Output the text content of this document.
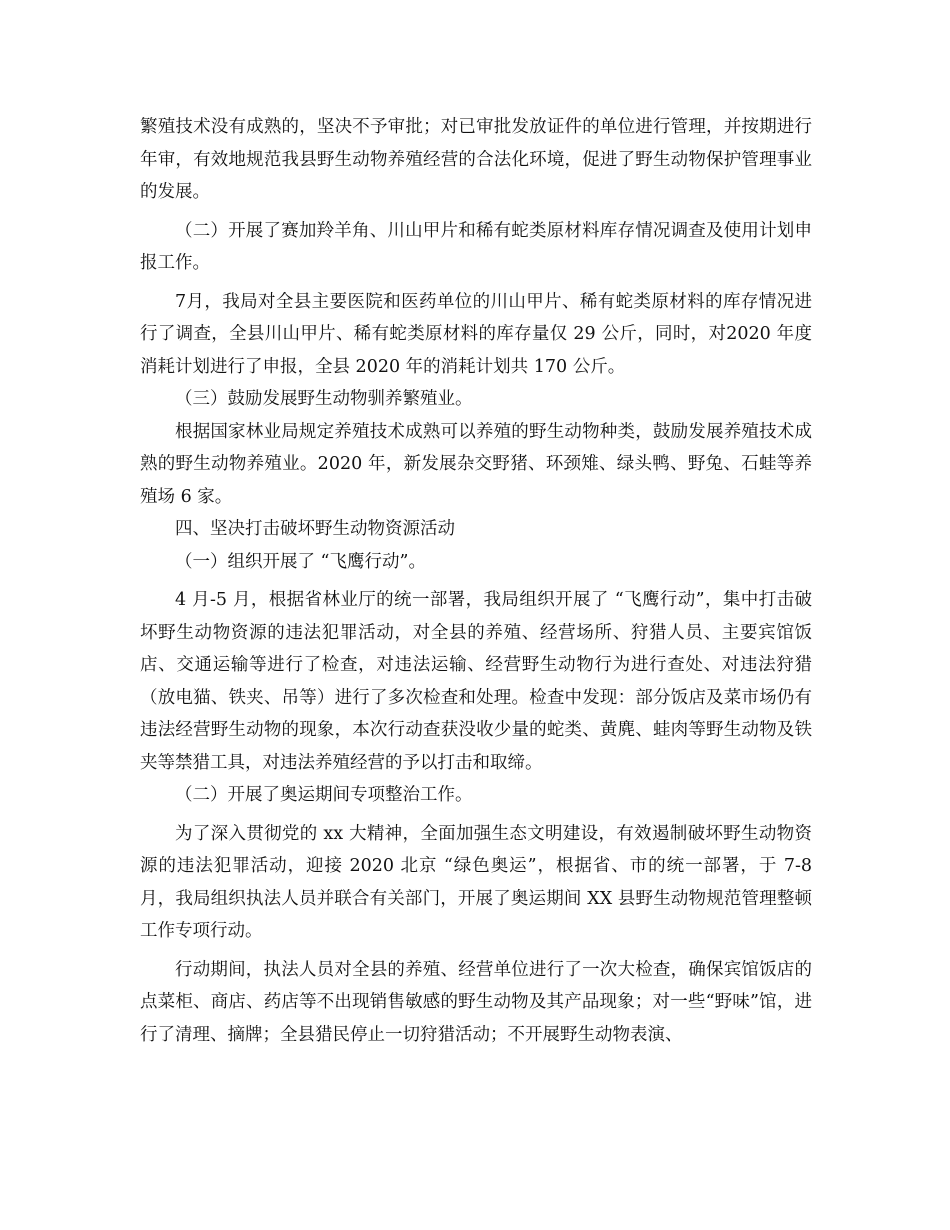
繁殖技术没有成熟的，坚决不予审批；对已审批发放证件的单位进行管理，并按期进行年审，有效地规范我县野生动物养殖经营的合法化环境，促进了野生动物保护管理事业的发展。

（二）开展了赛加羚羊角、川山甲片和稀有蛇类原材料库存情况调查及使用计划申报工作。

7月，我局对全县主要医院和医药单位的川山甲片、稀有蛇类原材料的库存情况进行了调查，全县川山甲片、稀有蛇类原材料的库存量仅 29 公斤，同时，对2020 年度消耗计划进行了申报，全县 2020 年的消耗计划共 170 公斤。

（三）鼓励发展野生动物驯养繁殖业。

根据国家林业局规定养殖技术成熟可以养殖的野生动物种类，鼓励发展养殖技术成熟的野生动物养殖业。2020 年，新发展杂交野猪、环颈雉、绿头鸭、野兔、石蛙等养殖场 6 家。

四、坚决打击破坏野生动物资源活动

（一）组织开展了 “飞鹰行动”。

4 月-5 月，根据省林业厅的统一部署，我局组织开展了 “飞鹰行动”，集中打击破坏野生动物资源的违法犯罪活动，对全县的养殖、经营场所、狩猎人员、主要宾馆饭店、交通运输等进行了检查，对违法运输、经营野生动物行为进行查处、对违法狩猎（放电猫、铁夹、吊等）进行了多次检查和处理。检查中发现：部分饭店及菜市场仍有违法经营野生动物的现象，本次行动查获没收少量的蛇类、黄麂、蛙肉等野生动物及铁夹等禁猎工具，对违法养殖经营的予以打击和取缔。

（二）开展了奥运期间专项整治工作。

为了深入贯彻党的 xx 大精神，全面加强生态文明建设，有效遏制破坏野生动物资源的违法犯罪活动，迎接 2020 北京 “绿色奥运”，根据省、市的统一部署，于 7-8 月，我局组织执法人员并联合有关部门，开展了奥运期间 XX 县野生动物规范管理整顿工作专项行动。

行动期间，执法人员对全县的养殖、经营单位进行了一次大检查，确保宾馆饭店的点菜柜、商店、药店等不出现销售敏感的野生动物及其产品现象；对一些“野味”馆，进行了清理、摘牌；全县猎民停止一切狩猎活动；不开展野生动物表演、
